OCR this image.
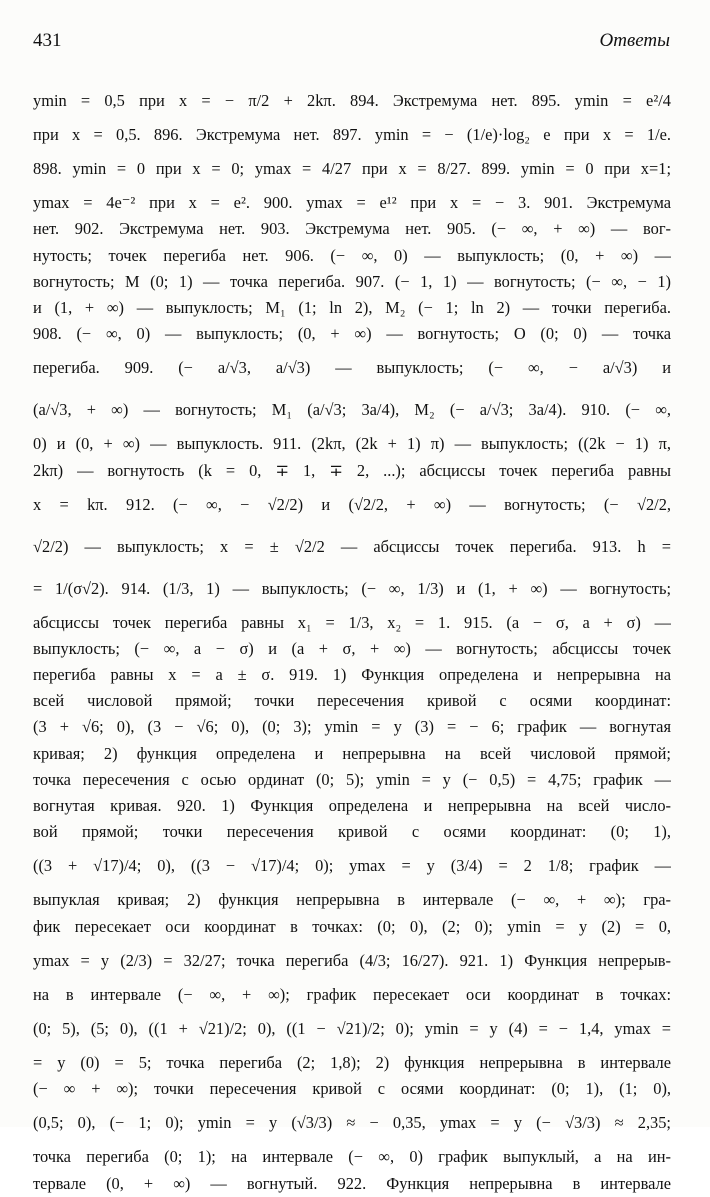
431	Ответы
ymin = 0,5 при x = − π/2 + 2kπ. 894. Экстремума нет. 895. ymin = e²/4
при x = 0,5. 896. Экстремума нет. 897. ymin = − (1/e)·log₂ e при x = 1/e.
898. ymin = 0 при x = 0; ymax = 4/27 при x = 8/27. 899. ymin = 0 при x=1;
ymax = 4e⁻² при x = e². 900. ymax = e¹² при x = − 3. 901. Экстремума
нет. 902. Экстремума нет. 903. Экстремума нет. 905. (− ∞, + ∞) — вог-
нутость; точек перегиба нет. 906. (− ∞, 0) — выпуклость; (0, + ∞) —
вогнутость; M (0; 1) — точка перегиба. 907. (− 1, 1) — вогнутость; (− ∞, − 1)
и (1, + ∞) — выпуклость; M₁ (1; ln 2), M₂ (− 1; ln 2) — точки перегиба.
908. (− ∞, 0) — выпуклость; (0, + ∞) — вогнутость; O (0; 0) — точка
перегиба. 909. (− a/√3, a/√3) — выпуклость; (− ∞, − a/√3) и
(a/√3, + ∞) — вогнутость; M₁ (a/√3; 3a/4), M₂ (− a/√3; 3a/4). 910. (− ∞,
0) и (0, + ∞) — выпуклость. 911. (2kπ, (2k + 1) π) — выпуклость; ((2k − 1) π,
2kπ) — вогнутость (k = 0, ∓ 1, ∓ 2, ...); абсциссы точек перегиба равны
x = kπ. 912. (− ∞, − √2/2) и (√2/2, + ∞) — вогнутость; (− √2/2,
√2/2) — выпуклость; x = ± √2/2 — абсциссы точек перегиба. 913. h =
= 1/(σ√2). 914. (1/3, 1) — выпуклость; (− ∞, 1/3) и (1, + ∞) — вогнутость;
абсциссы точек перегиба равны x₁ = 1/3, x₂ = 1. 915. (a − σ, a + σ) —
выпуклость; (− ∞, a − σ) и (a + σ, + ∞) — вогнутость; абсциссы точек
перегиба равны x = a ± σ. 919. 1) Функция определена и непрерывна на
всей числовой прямой; точки пересечения кривой с осями координат:
(3 + √6; 0), (3 − √6; 0), (0; 3); ymin = y (3) = − 6; график — вогнутая
кривая; 2) функция определена и непрерывна на всей числовой прямой;
точка пересечения с осью ординат (0; 5); ymin = y (− 0,5) = 4,75; график —
вогнутая кривая. 920. 1) Функция определена и непрерывна на всей число-
вой прямой; точки пересечения кривой с осями координат: (0; 1),
((3 + √17)/4; 0), ((3 − √17)/4; 0); ymax = y (3/4) = 2 1/8; график —
выпуклая кривая; 2) функция непрерывна в интервале (− ∞, + ∞); гра-
фик пересекает оси координат в точках: (0; 0), (2; 0); ymin = y (2) = 0,
ymax = y (2/3) = 32/27; точка перегиба (4/3; 16/27). 921. 1) Функция непрерыв-
на в интервале (− ∞, + ∞); график пересекает оси координат в точках:
(0; 5), (5; 0), ((1 + √21)/2; 0), ((1 − √21)/2; 0); ymin = y (4) = − 1,4, ymax =
= y (0) = 5; точка перегиба (2; 1,8); 2) функция непрерывна в интервале
(− ∞ + ∞); точки пересечения кривой с осями координат: (0; 1), (1; 0),
(0,5; 0), (− 1; 0); ymin = y (√3/3) ≈ − 0,35, ymax = y (− √3/3) ≈ 2,35;
точка перегиба (0; 1); на интервале (− ∞, 0) график выпуклый, а на ин-
тервале (0, + ∞) — вогнутый. 922. Функция непрерывна в интервале
